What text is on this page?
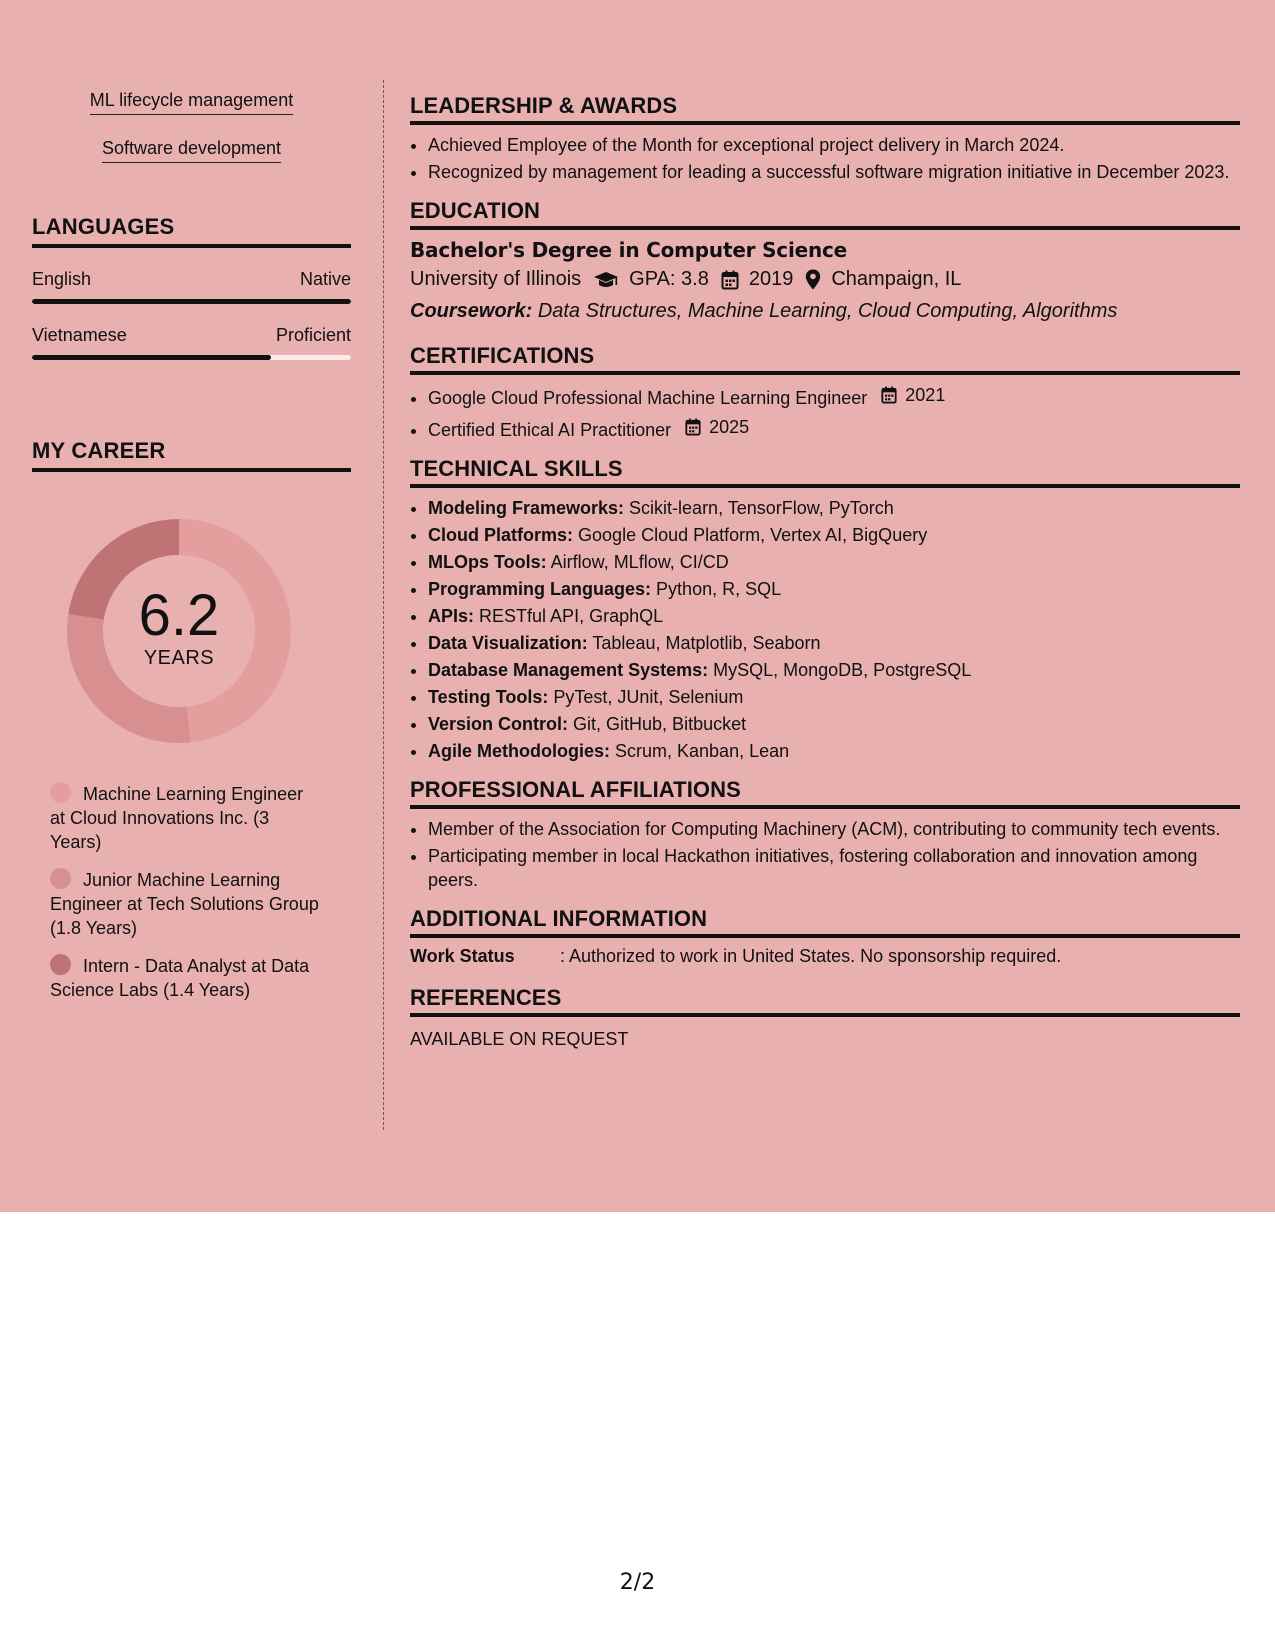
ML lifecycle management
Software development
LANGUAGES
English	Native
Vietnamese	Proficient
MY CAREER
6.2
YEARS
Machine Learning Engineer at Cloud Innovations Inc. (3 Years)
Junior Machine Learning Engineer at Tech Solutions Group (1.8 Years)
Intern - Data Analyst at Data Science Labs (1.4 Years)
LEADERSHIP & AWARDS
• Achieved Employee of the Month for exceptional project delivery in March 2024.
• Recognized by management for leading a successful software migration initiative in December 2023.
EDUCATION
Bachelor's Degree in Computer Science
University of Illinois GPA: 3.8 2019 Champaign, IL
Coursework: Data Structures, Machine Learning, Cloud Computing, Algorithms
CERTIFICATIONS
• Google Cloud Professional Machine Learning Engineer 2021
• Certified Ethical AI Practitioner 2025
TECHNICAL SKILLS
• Modeling Frameworks: Scikit-learn, TensorFlow, PyTorch
• Cloud Platforms: Google Cloud Platform, Vertex AI, BigQuery
• MLOps Tools: Airflow, MLflow, CI/CD
• Programming Languages: Python, R, SQL
• APIs: RESTful API, GraphQL
• Data Visualization: Tableau, Matplotlib, Seaborn
• Database Management Systems: MySQL, MongoDB, PostgreSQL
• Testing Tools: PyTest, JUnit, Selenium
• Version Control: Git, GitHub, Bitbucket
• Agile Methodologies: Scrum, Kanban, Lean
PROFESSIONAL AFFILIATIONS
• Member of the Association for Computing Machinery (ACM), contributing to community tech events.
• Participating member in local Hackathon initiatives, fostering collaboration and innovation among peers.
ADDITIONAL INFORMATION
Work Status	: Authorized to work in United States. No sponsorship required.
REFERENCES
AVAILABLE ON REQUEST
2/2
